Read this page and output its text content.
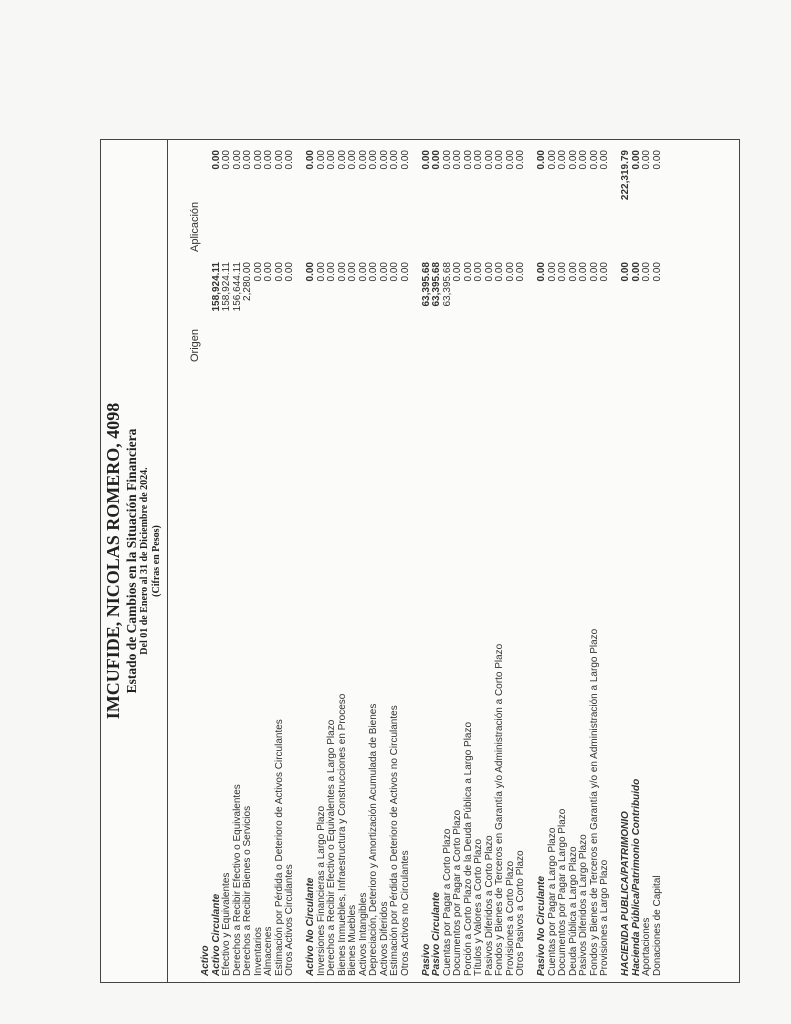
IMCUFIDE, NICOLAS ROMERO, 4098 Estado de Cambios en la Situación Financiera Del 01 de Enero al 31 de Diciembre de 2024. (Cifras en Pesos)
Origen
Aplicación
Activo Activo Circulante
158,924.11
0.00
Efectivo y Equivalentes
158,924.11
0.00
Derechos a Recibir Efectivo o Equivalentes
156,644.11
0.00
Derechos a Recibir Bienes o Servicios
2,280.00
0.00
Inventarios
0.00
0.00
Almacenes
0.00
0.00
Estimación por Pérdida o Deterioro de Activos Circulantes
0.00
0.00
Otros Activos Circulantes
0.00
0.00
Activo No Circulante
0.00
0.00
Inversiones Financieras a Largo Plazo
0.00
0.00
Derechos a Recibir Efectivo o Equivalentes a Largo Plazo
0.00
0.00
Bienes Inmuebles, Infraestructura y Construcciones en Proceso
0.00
0.00
Bienes Muebles
0.00
0.00
Activos Intangibles
0.00
0.00
Depreciación, Deterioro y Amortización Acumulada de Bienes
0.00
0.00
Activos Diferidos
0.00
0.00
Estimación por Pérdida o Deterioro de Activos no Circulantes
0.00
0.00
Otros Activos no Circulantes
0.00
0.00
Pasivo
63,395.68
0.00
Pasivo Circulante
63,395.68
0.00
Cuentas por Pagar a Corto Plazo
63,395.68
0.00
Documentos por Pagar a Corto Plazo
0.00
0.00
Porción a Corto Plazo de la Deuda Pública a Largo Plazo
0.00
0.00
Títulos y Valores a Corto Plazo
0.00
0.00
Pasivos Diferidos a Corto Plazo
0.00
0.00
Fondos y Bienes de Terceros en Garantía y/o Administración a Corto Plazo
0.00
0.00
Provisiones a Corto Plazo
0.00
0.00
Otros Pasivos a Corto Plazo
0.00
0.00
Pasivo No Circulante
0.00
0.00
Cuentas por Pagar a Largo Plazo
0.00
0.00
Documentos por Pagar a Largo Plazo
0.00
0.00
Deuda Pública a Largo Plazo
0.00
0.00
Pasivos Diferidos a Largo Plazo
0.00
0.00
Fondos y Bienes de Terceros en Garantía y/o en Administración a Largo Plazo
0.00
0.00
Provisiones a Largo Plazo
0.00
0.00
HACIENDA PUBLICA/PATRIMONIO
0.00
222,319.79
Hacienda Pública/Patrimonio Contribuido
0.00
0.00
Aportaciones
0.00
0.00
Donaciones de Capital
0.00
0.00
